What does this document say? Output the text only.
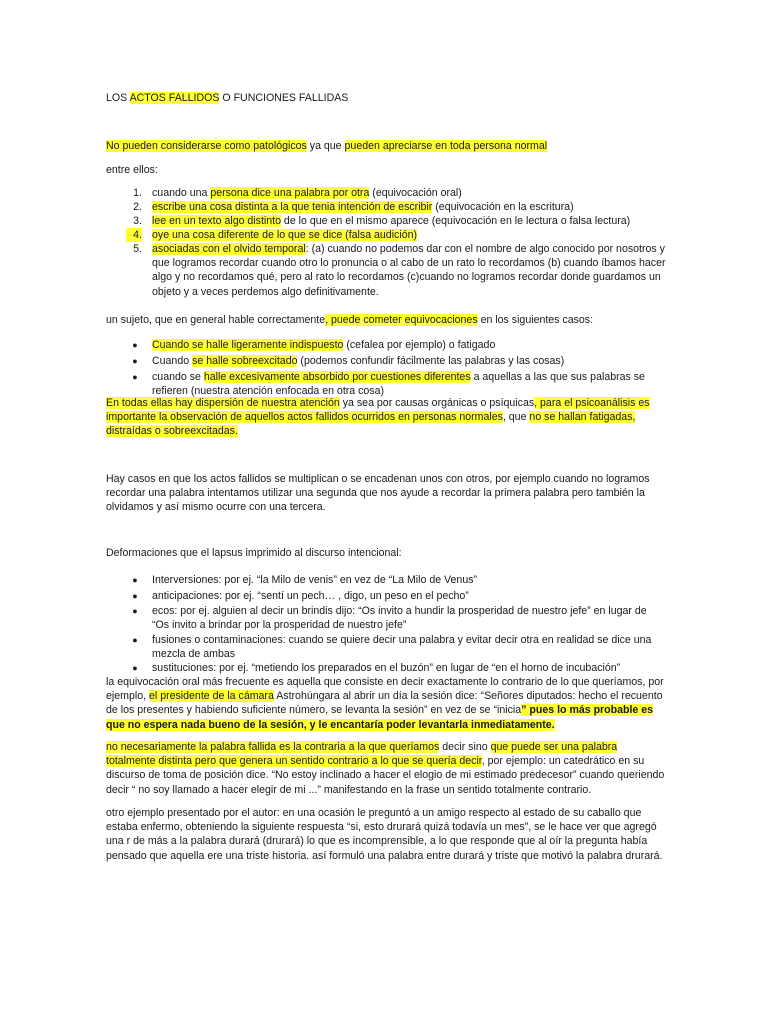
LOS ACTOS FALLIDOS O FUNCIONES FALLIDAS
No pueden considerarse como patológicos ya que pueden apreciarse en toda persona normal
entre ellos:
1. cuando una persona dice una palabra por otra (equivocación oral)
2. escribe una cosa distinta a la que tenia intención de escribir (equivocación en la escritura)
3. lee en un texto algo distinto de lo que en el mismo aparece (equivocación en le lectura o falsa lectura)
4. oye una cosa diferente de lo que se dice (falsa audición)
5. asociadas con el olvido temporal: (a) cuando no podemos dar con el nombre de algo conocido por nosotros y que logramos recordar cuando otro lo pronuncia o al cabo de un rato lo recordamos (b) cuando íbamos hacer algo y no recordamos qué, pero al rato lo recordamos (c)cuando no logramos recordar donde guardamos un objeto y a veces perdemos algo definitivamente.
un sujeto, que en general hable correctamente, puede cometer equivocaciones en los siguientes casos:
● Cuando se halle ligeramente indispuesto (cefalea por ejemplo) o fatigado
● Cuando se halle sobreexcitado (podemos confundir fácilmente las palabras y las cosas)
● cuando se halle excesivamente absorbido por cuestiones diferentes a aquellas a las que sus palabras se refieren (nuestra atención enfocada en otra cosa)
En todas ellas hay dispersión de nuestra atención ya sea por causas orgánicas o psíquicas, para el psicoanálisis es importante la observación de aquellos actos fallidos ocurridos en personas normales, que no se hallan fatigadas, distraídas o sobreexcitadas.
Hay casos en que los actos fallidos se multiplican o se encadenan unos con otros, por ejemplo cuando no logramos recordar una palabra intentamos utilizar una segunda que nos ayude a recordar la primera palabra pero también la olvidamos y así mismo ocurre con una tercera.
Deformaciones que el lapsus imprimido al discurso intencional:
● Interversiones: por ej. “la Milo de venis” en vez de “La Milo de Venus”
● anticipaciones: por ej. “sentí un pech… , digo, un peso en el pecho”
● ecos: por ej. alguien al decir un brindis dijo: “Os invito a hundir la prosperidad de nuestro jefe” en lugar de “Os invito a brindar por la prosperidad de nuestro jefe”
● fusiones o contaminaciones: cuando se quiere decir una palabra y evitar decir otra en realidad se dice una mezcla de ambas
● sustituciones: por ej. “metiendo los preparados en el buzón” en lugar de “en el horno de incubación”
la equivocación oral más frecuente es aquella que consiste en decir exactamente lo contrario de lo que queríamos, por ejemplo, el presidente de la cámara Astrohúngara al abrir un día la sesión dice: “Señores diputados: hecho el recuento de los presentes y habiendo suficiente número, se levanta la sesión” en vez de se “inicia” pues lo más probable es que no espera nada bueno de la sesión, y le encantaría poder levantarla inmediatamente.
no necesariamente la palabra fallida es la contraria a la que queríamos decir sino que puede ser una palabra totalmente distinta pero que genera un sentido contrario a lo que se quería decir, por ejemplo: un catedrático en su discurso de toma de posición dice. “No estoy inclinado a hacer el elogio de mi estimado predecesor” cuando queriendo decir “ no soy llamado a hacer elegir de mi ...” manifestando en la frase un sentido totalmente contrario.
otro ejemplo presentado por el autor: en una ocasión le preguntó a un amigo respecto al estado de su caballo que estaba enfermo, obteniendo la siguiente respuesta “si, esto drurará quizá todavía un mes”, se le hace ver que agregó una r de más a la palabra durará (drurará) lo que es incomprensible, a lo que responde que al oír la pregunta había pensado que aquella ere una triste historia. así formuló una palabra entre durará y triste que motivó la palabra drurará.
